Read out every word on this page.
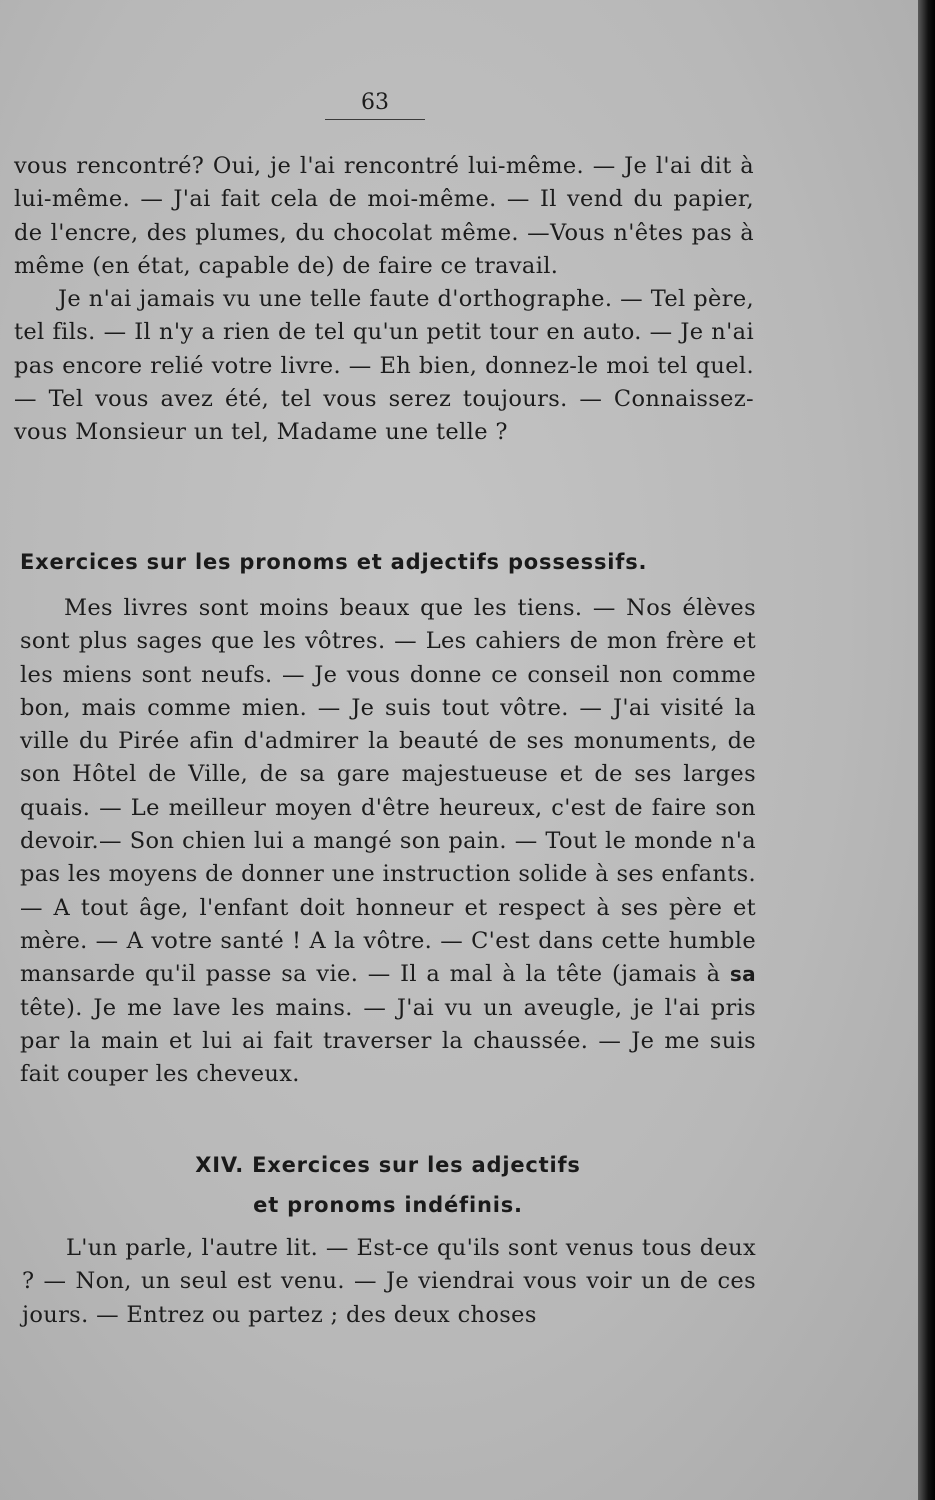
63

vous rencontré? Oui, je l'ai rencontré lui-même. — Je l'ai dit à lui-même. — J'ai fait cela de moi-même. — Il vend du papier, de l'encre, des plumes, du chocolat même. —Vous n'êtes pas à même (en état, capable de) de faire ce travail.

Je n'ai jamais vu une telle faute d'orthographe. — Tel père, tel fils. — Il n'y a rien de tel qu'un petit tour en auto. — Je n'ai pas encore relié votre livre. — Eh bien, donnez-le moi tel quel. — Tel vous avez été, tel vous serez toujours. — Connaissez-vous Monsieur un tel, Madame une telle ?

Exercices sur les pronoms et adjectifs possessifs.

Mes livres sont moins beaux que les tiens. — Nos élèves sont plus sages que les vôtres. — Les cahiers de mon frère et les miens sont neufs. — Je vous donne ce conseil non comme bon, mais comme mien. — Je suis tout vôtre. — J'ai visité la ville du Pirée afin d'admirer la beauté de ses monuments, de son Hôtel de Ville, de sa gare majestueuse et de ses larges quais. — Le meilleur moyen d'être heureux, c'est de faire son devoir.— Son chien lui a mangé son pain. — Tout le monde n'a pas les moyens de donner une instruction solide à ses enfants. — A tout âge, l'enfant doit honneur et respect à ses père et mère. — A votre santé ! A la vôtre. — C'est dans cette humble mansarde qu'il passe sa vie. — Il a mal à la tête (jamais à sa tête). Je me lave les mains. — J'ai vu un aveugle, je l'ai pris par la main et lui ai fait traverser la chaussée. — Je me suis fait couper les cheveux.

XIV. Exercices sur les adjectifs
et pronoms indéfinis.

L'un parle, l'autre lit. — Est-ce qu'ils sont venus tous deux ? — Non, un seul est venu. — Je viendrai vous voir un de ces jours. — Entrez ou partez ; des deux choses
